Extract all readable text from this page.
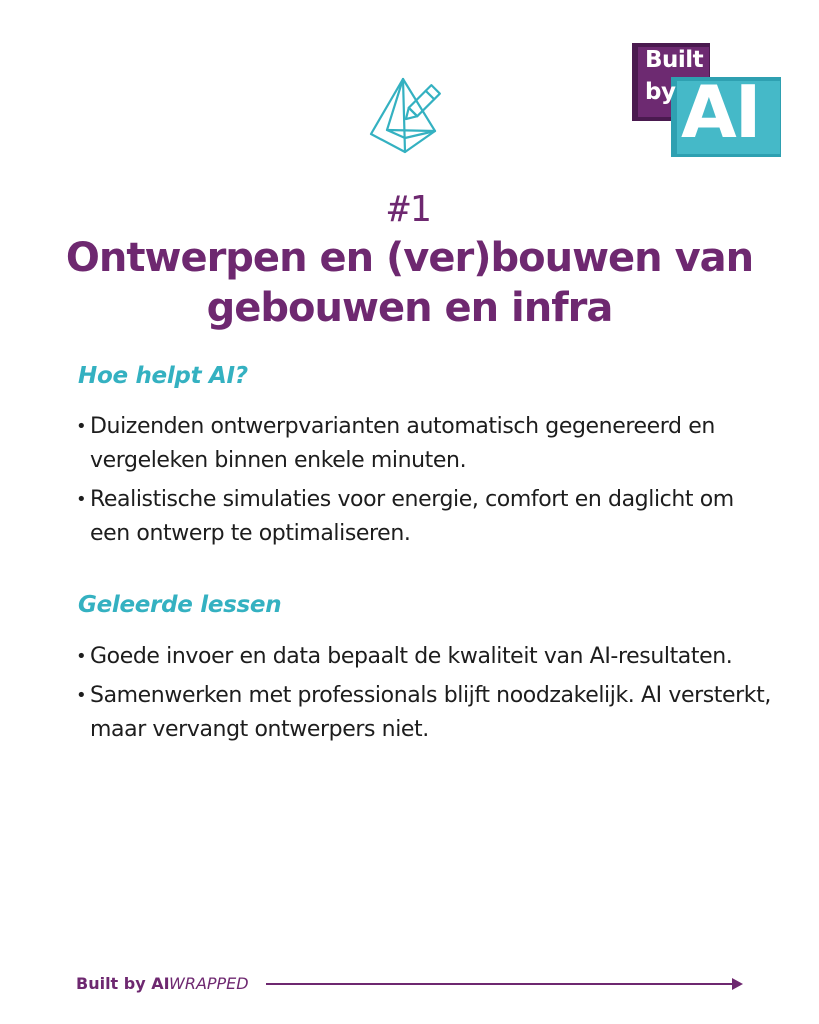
Built
by AI
#1
Ontwerpen en (ver)bouwen van gebouwen en infra
Hoe helpt AI?
• Duizenden ontwerpvarianten automatisch gegenereerd en vergeleken binnen enkele minuten.
• Realistische simulaties voor energie, comfort en daglicht om een ontwerp te optimaliseren.
Geleerde lessen
• Goede invoer en data bepaalt de kwaliteit van AI-resultaten.
• Samenwerken met professionals blijft noodzakelijk. AI versterkt, maar vervangt ontwerpers niet.
Built by AI WRAPPED
